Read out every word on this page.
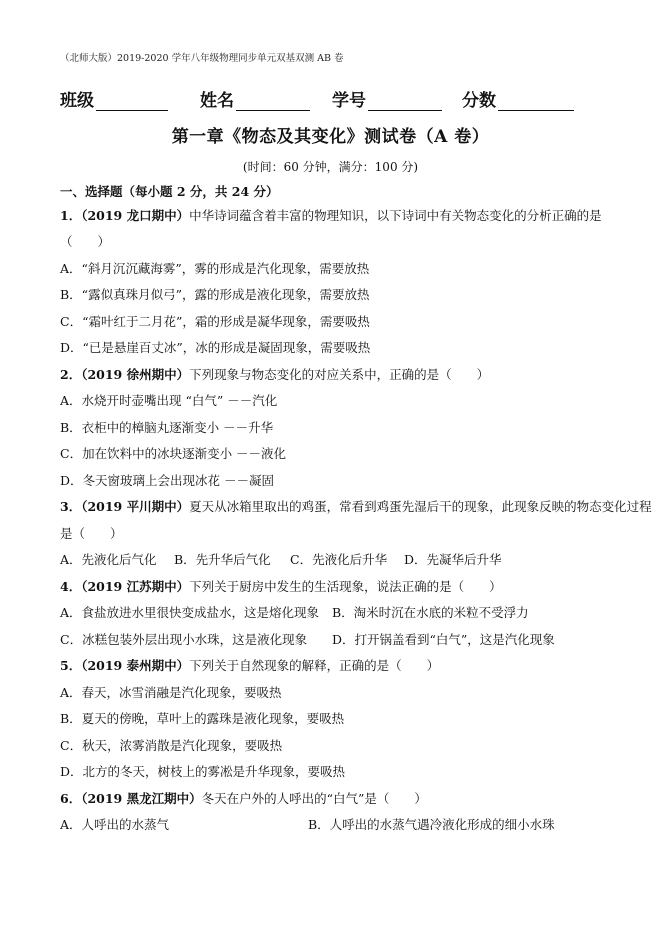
（北师大版）2019-2020 学年八年级物理同步单元双基双测 AB 卷
班级	姓名	学号	分数
第一章《物态及其变化》测试卷（A 卷）
(时间：60 分钟，满分：100 分)
一、选择题（每小题 2 分，共 24 分）
1．（2019 龙口期中）中华诗词蕴含着丰富的物理知识，以下诗词中有关物态变化的分析正确的是
（　　）
A．“斜月沉沉藏海雾”，雾的形成是汽化现象，需要放热
B．“露似真珠月似弓”，露的形成是液化现象，需要放热
C．“霜叶红于二月花”，霜的形成是凝华现象，需要吸热
D．“已是悬崖百丈冰”，冰的形成是凝固现象，需要吸热
2．（2019 徐州期中）下列现象与物态变化的对应关系中，正确的是（　　）
A．水烧开时壶嘴出现 “白气” －－汽化
B．衣柜中的樟脑丸逐渐变小 －－升华
C．加在饮料中的冰块逐渐变小 －－液化
D．冬天窗玻璃上会出现冰花 －－凝固
3．（2019 平川期中）夏天从冰箱里取出的鸡蛋，常看到鸡蛋先湿后干的现象，此现象反映的物态变化过程
是（　　）
A．先液化后气化 B．先升华后气化 C．先液化后升华 D．先凝华后升华
4．（2019 江苏期中）下列关于厨房中发生的生活现象，说法正确的是（　　）
A．食盐放进水里很快变成盐水，这是熔化现象 B．淘米时沉在水底的米粒不受浮力
C．冰糕包装外层出现小水珠，这是液化现象 D．打开锅盖看到“白气”，这是汽化现象
5．（2019 泰州期中）下列关于自然现象的解释，正确的是（　　）
A．春天，冰雪消融是汽化现象，要吸热
B．夏天的傍晚，草叶上的露珠是液化现象，要吸热
C．秋天，浓雾消散是汽化现象，要吸热
D．北方的冬天，树枝上的雾凇是升华现象，要吸热
6．（2019 黑龙江期中）冬天在户外的人呼出的“白气”是（　　）
A．人呼出的水蒸气	B．人呼出的水蒸气遇冷液化形成的细小水珠
